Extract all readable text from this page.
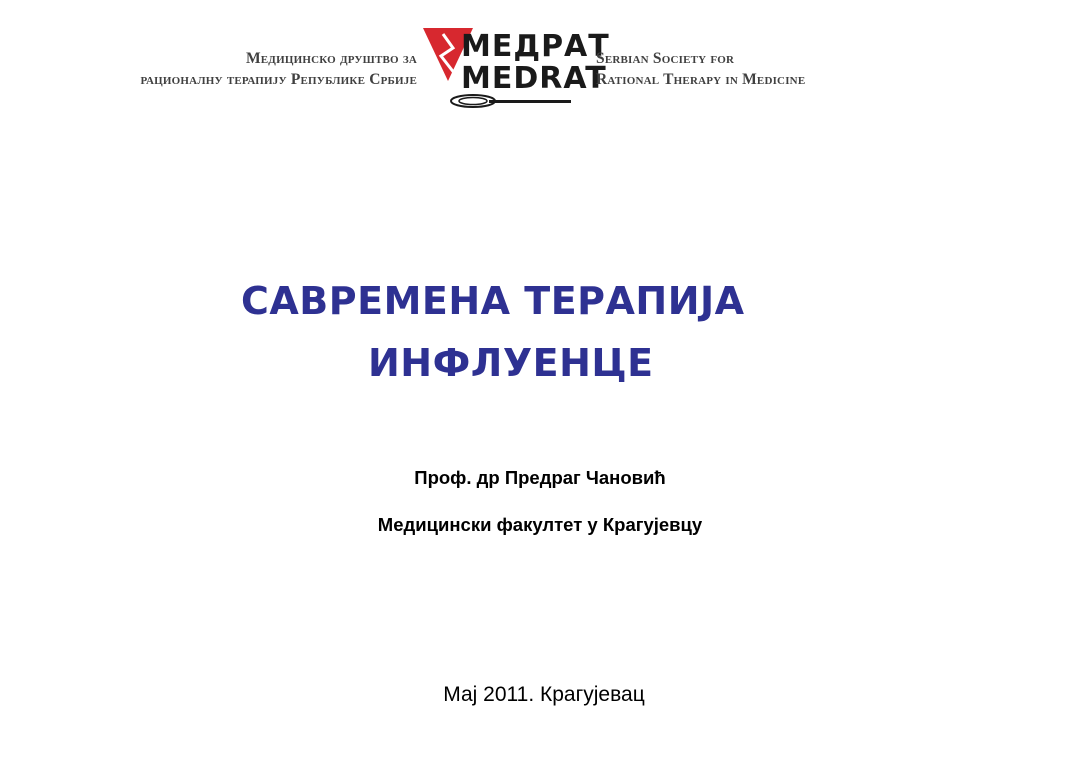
Медицинско друштво за
рационалну терапију Републике Србије
МЕДРАТ
MEDRAT
Serbian Society for
Rational Therapy in Medicine
САВРЕМЕНА ТЕРАПИЈА
ИНФЛУЕНЦЕ
Проф. др Предраг Чановић
Медицински факултет у Крагујевцу
Мај 2011. Крагујевац
